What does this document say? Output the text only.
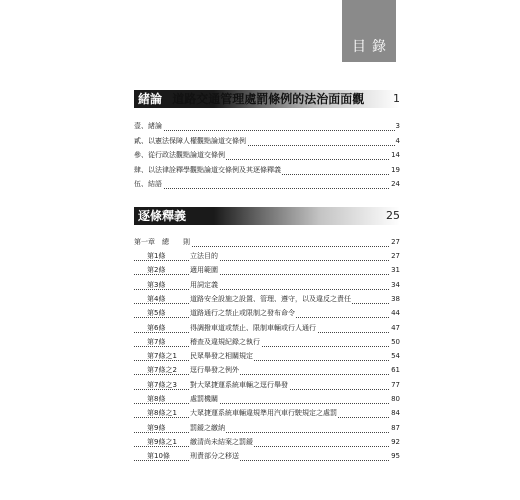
目錄
緒論 道路交通管理處罰條例的法治面面觀	1
壹、緒論	3
貳、以憲法保障人權觀點論道交條例	4
參、從行政法觀點論道交條例	14
肆、以法律詮釋學觀點論道交條例及其逐條釋義	19
伍、結語	24
逐條釋義	25
第一章　總　　則	27
第1條	立法目的	27
第2條	適用範圍	31
第3條	用詞定義	34
第4條	道路安全設施之設置、管理、遵守，以及違反之責任	38
第5條	道路通行之禁止或限制之發布命令	44
第6條	得調撥車道或禁止、限制車輛或行人通行	47
第7條	稽查及違規紀錄之執行	50
第7條之1 民眾舉發之相關規定	54
第7條之2 逕行舉發之例外	61
第7條之3 對大眾捷運系統車輛之逕行舉發	77
第8條	處罰機關	80
第8條之1 大眾捷運系統車輛違規準用汽車行駛規定之處罰	84
第9條	罰鍰之繳納	87
第9條之1 繳清尚未結案之罰鍰	92
第10條	刑責部分之移送	95
